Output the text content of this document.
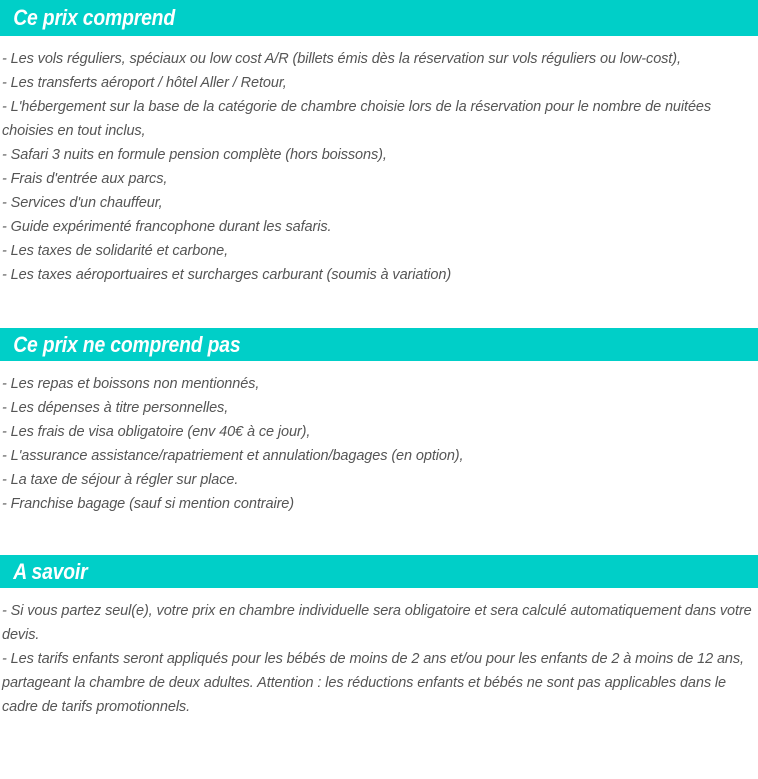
Ce prix comprend

- Les vols réguliers, spéciaux ou low cost A/R (billets émis dès la réservation sur vols réguliers ou low-cost),

- Les transferts aéroport / hôtel Aller / Retour,

- L'hébergement sur la base de la catégorie de chambre choisie lors de la réservation pour le nombre de nuitées choisies en tout inclus,

- Safari 3 nuits en formule pension complète (hors boissons),

- Frais d'entrée aux parcs,

- Services d'un chauffeur,

- Guide expérimenté francophone durant les safaris.

- Les taxes de solidarité et carbone,

- Les taxes aéroportuaires et surcharges carburant (soumis à variation)

Ce prix ne comprend pas

- Les repas et boissons non mentionnés,

- Les dépenses à titre personnelles,

- Les frais de visa obligatoire (env 40€ à ce jour),

- L'assurance assistance/rapatriement et annulation/bagages (en option),

- La taxe de séjour à régler sur place.

- Franchise bagage (sauf si mention contraire)

A savoir

- Si vous partez seul(e), votre prix en chambre individuelle sera obligatoire et sera calculé automatiquement dans votre devis.

- Les tarifs enfants seront appliqués pour les bébés de moins de 2 ans et/ou pour les enfants de 2 à moins de 12 ans, partageant la chambre de deux adultes. Attention : les réductions enfants et bébés ne sont pas applicables dans le cadre de tarifs promotionnels.
